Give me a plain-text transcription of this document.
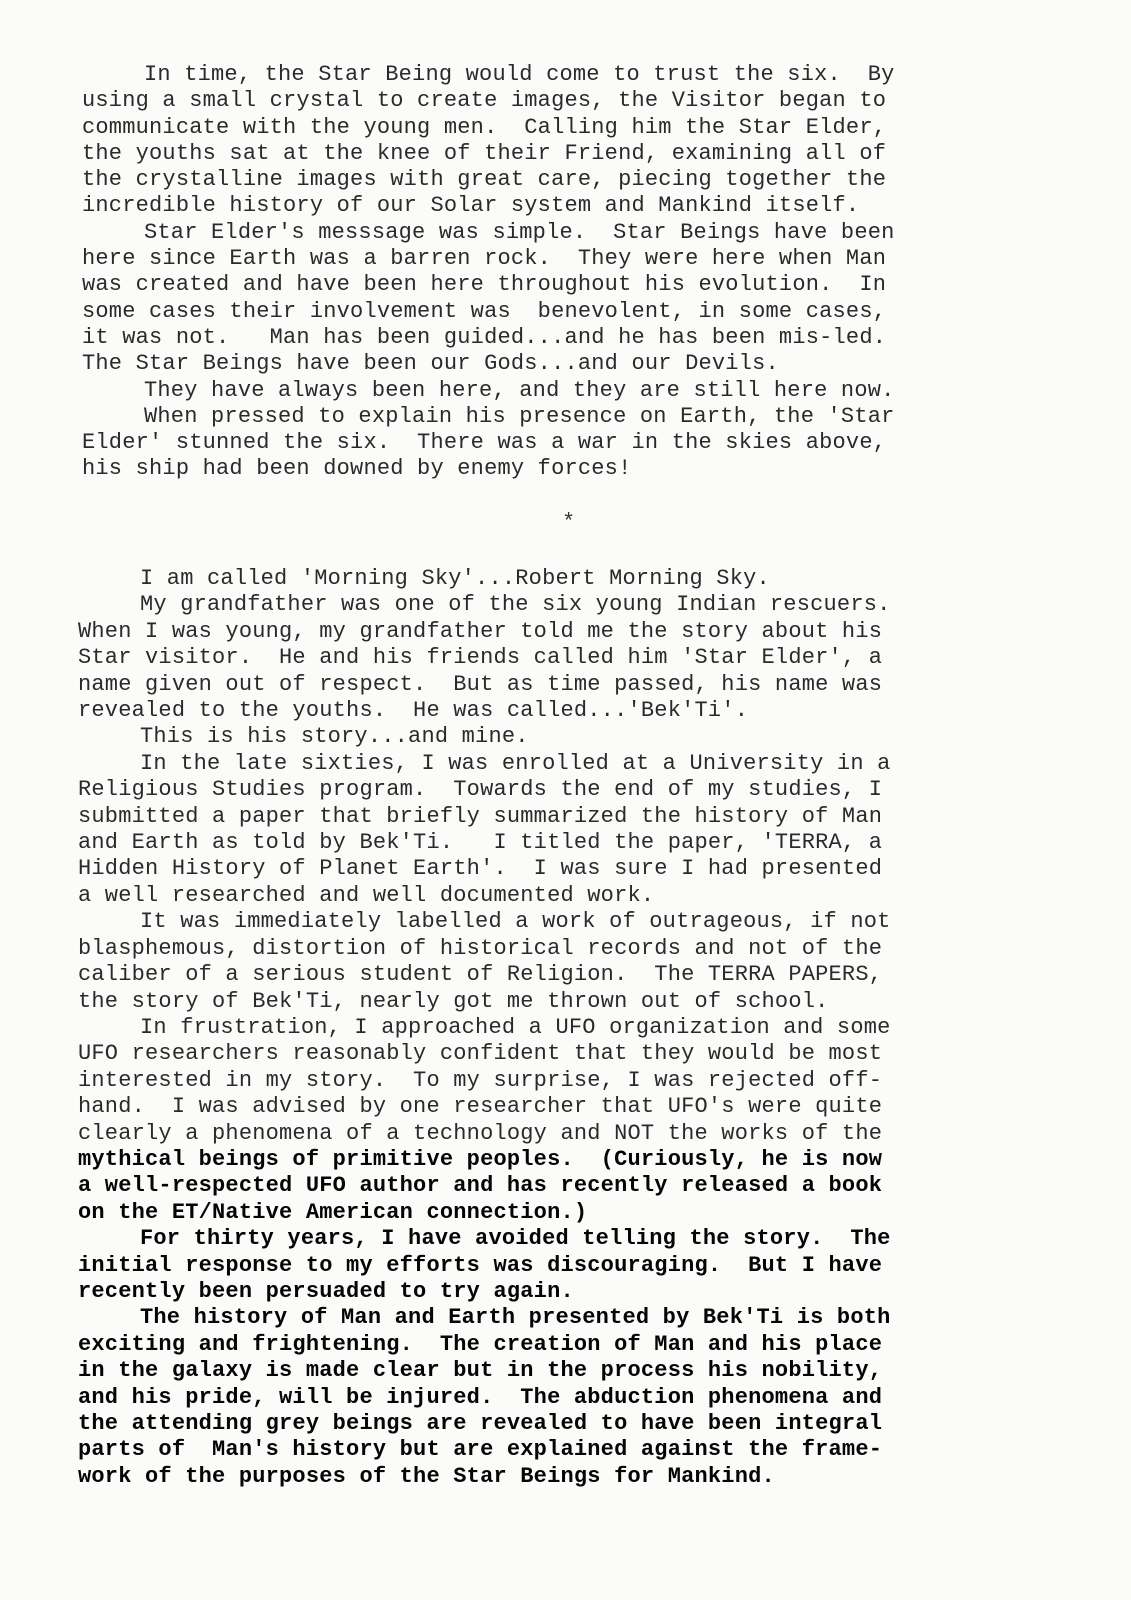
In time, the Star Being would come to trust the six.  By
using a small crystal to create images, the Visitor began to
communicate with the young men.  Calling him the Star Elder,
the youths sat at the knee of their Friend, examining all of
the crystalline images with great care, piecing together the
incredible history of our Solar system and Mankind itself.
Star Elder's messsage was simple.  Star Beings have been
here since Earth was a barren rock.  They were here when Man
was created and have been here throughout his evolution.  In
some cases their involvement was  benevolent, in some cases,
it was not.   Man has been guided...and he has been mis-led.
The Star Beings have been our Gods...and our Devils.
They have always been here, and they are still here now.
When pressed to explain his presence on Earth, the 'Star
Elder' stunned the six.  There was a war in the skies above,
his ship had been downed by enemy forces!
*
I am called 'Morning Sky'...Robert Morning Sky.
My grandfather was one of the six young Indian rescuers.
When I was young, my grandfather told me the story about his
Star visitor.  He and his friends called him 'Star Elder', a
name given out of respect.  But as time passed, his name was
revealed to the youths.  He was called...'Bek'Ti'.
This is his story...and mine.
In the late sixties, I was enrolled at a University in a
Religious Studies program.  Towards the end of my studies, I
submitted a paper that briefly summarized the history of Man
and Earth as told by Bek'Ti.   I titled the paper, 'TERRA, a
Hidden History of Planet Earth'.  I was sure I had presented
a well researched and well documented work.
It was immediately labelled a work of outrageous, if not
blasphemous, distortion of historical records and not of the
caliber of a serious student of Religion.  The TERRA PAPERS,
the story of Bek'Ti, nearly got me thrown out of school.
In frustration, I approached a UFO organization and some
UFO researchers reasonably confident that they would be most
interested in my story.  To my surprise, I was rejected off-
hand.  I was advised by one researcher that UFO's were quite
clearly a phenomena of a technology and NOT the works of the
mythical beings of primitive peoples.  (Curiously, he is now
a well-respected UFO author and has recently released a book
on the ET/Native American connection.)
For thirty years, I have avoided telling the story.  The
initial response to my efforts was discouraging.  But I have
recently been persuaded to try again.
The history of Man and Earth presented by Bek'Ti is both
exciting and frightening.  The creation of Man and his place
in the galaxy is made clear but in the process his nobility,
and his pride, will be injured.  The abduction phenomena and
the attending grey beings are revealed to have been integral
parts of  Man's history but are explained against the frame-
work of the purposes of the Star Beings for Mankind.
